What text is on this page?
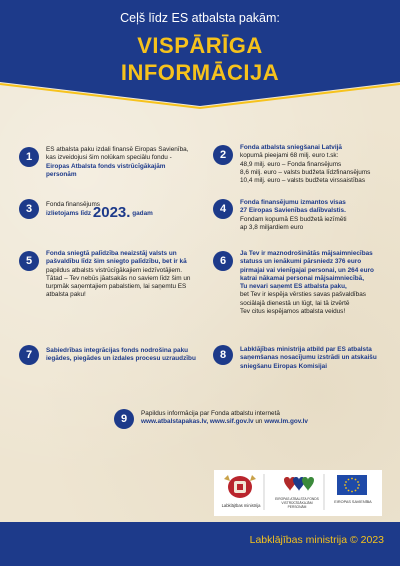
Ceļš līdz ES atbalsta pakām:
VISPĀRĪGA
INFORMĀCIJA
1
ES atbalsta paku izdali finansē Eiropas Savienība,
kas izveidojusi šim nolūkam speciālu fondu -
Eiropas Atbalsta fonds vistrūcīgākajām personām
2
Fonda atbalsta sniegšanai Latvijā
kopumā pieejami 68 milj. euro t.sk:
48,9 milj. euro – Fonda finansējums
8,6 milj. euro – valsts budžeta līdzfinansējums
10,4 milj. euro – valsts budžeta virssaistības
3	Fonda finansējums
izlietojams līdz 2023. gadam	4
Fonda finansējumu izmantos visas
27 Eiropas Savienības dalībvalstis.
Fondam kopumā ES budžetā iezīmēti
ap 3,8 miljardiem euro
5
Fonda sniegtā palīdzība neaizstāj valsts un
pašvaldību līdz šim sniegto palīdzību, bet ir kā
papildus atbalsts vistrūcīgākajiem iedzīvotājiem.
Tātad – Tev nebūs jāatsakās no saviem līdz šim un
turpmāk saņemtajiem pabalstiem, lai saņemtu ES
atbalsta paku!
6
Ja Tev ir maznodrošinātās mājsaimniecības
statuss un ienākumi pārsniedz 376 euro
pirmajai vai vienīgajai personai, un 264 euro
katrai nākamai personai mājsaimniecībā,
Tu nevari saņemt ES atbalsta paku,
bet Tev ir iespēja vērsties savas pašvaldības
sociālajā dienestā un lūgt, lai tā izvērtē
Tev citus iespējamos atbalsta veidus!
7	Sabiedrības integrācijas fonds nodrošina paku
iegādes, piegādes un izdales procesu uzraudzību	8	Labklājības ministrija atbild par ES atbalsta
saņemšanas nosacījumu izstrādi un atskaišu
sniegšanu Eiropas Komisijai
9	Papildus informācija par Fonda atbalstu internetā
www.atbalstapakas.lv, www.sif.gov.lv un www.lm.gov.lv
Labklājības ministrija
EIROPAS ATBALSTA FONDS VISTRŪCĪGĀKAJĀM PERSONĀM
EIROPAS SAVIENĪBA
Labklājības ministrija © 2023
